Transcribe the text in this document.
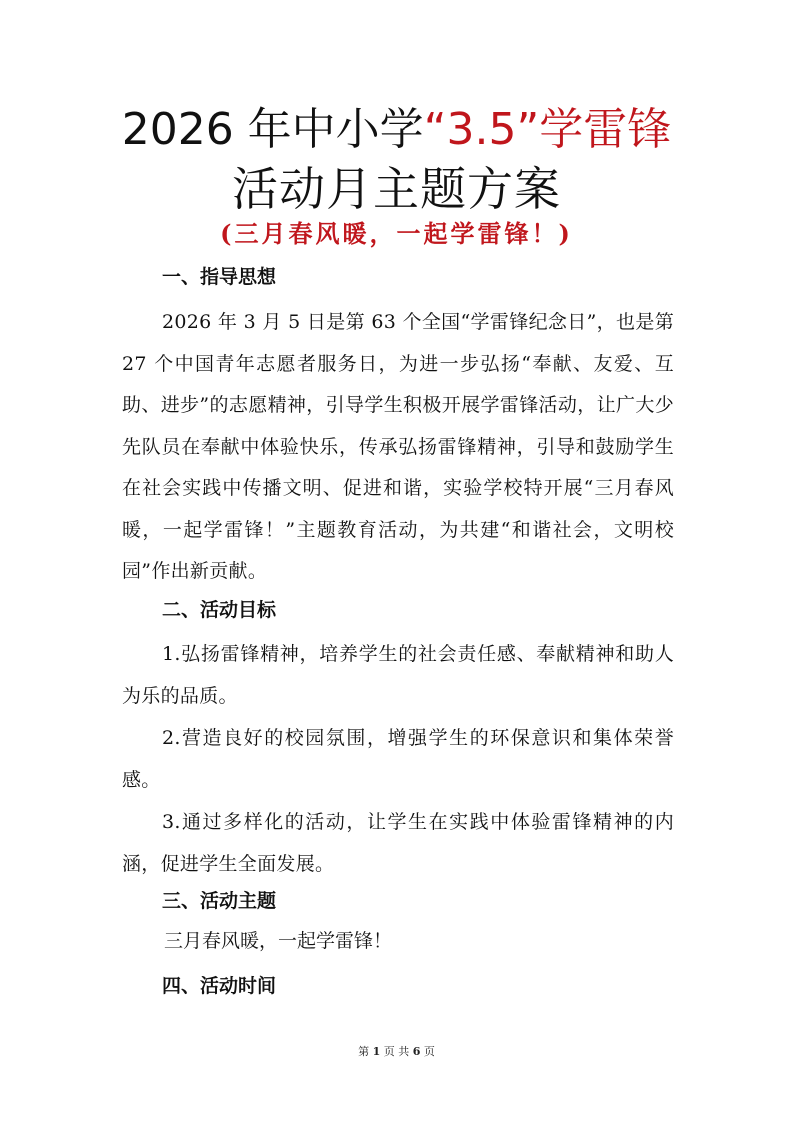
2026 年中小学“3.5”学雷锋
活动月主题方案

(三月春风暖，一起学雷锋！)

一、指导思想

2026 年 3 月 5 日是第 63 个全国“学雷锋纪念日”，也是第 27 个中国青年志愿者服务日，为进一步弘扬“奉献、友爱、互助、进步”的志愿精神，引导学生积极开展学雷锋活动，让广大少先队员在奉献中体验快乐，传承弘扬雷锋精神，引导和鼓励学生在社会实践中传播文明、促进和谐，实验学校特开展“三月春风暖，一起学雷锋！”主题教育活动，为共建“和谐社会，文明校园”作出新贡献。

二、活动目标

1.弘扬雷锋精神，培养学生的社会责任感、奉献精神和助人为乐的品质。

2.营造良好的校园氛围，增强学生的环保意识和集体荣誉感。

3.通过多样化的活动，让学生在实践中体验雷锋精神的内涵，促进学生全面发展。

三、活动主题

三月春风暖，一起学雷锋！

四、活动时间

第 1 页 共 6 页
